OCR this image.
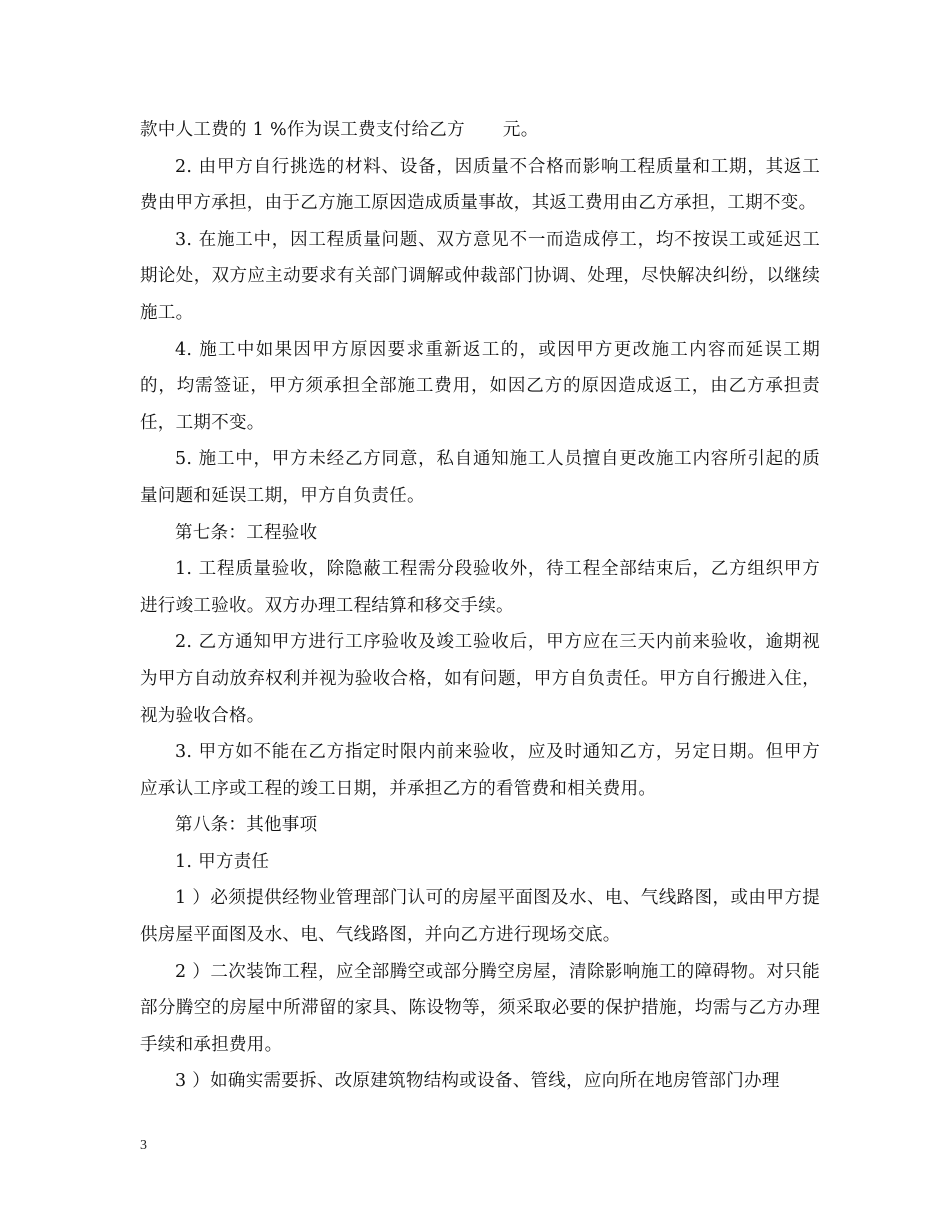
款中人工费的 1 %作为误工费支付给乙方 元。

2. 由甲方自行挑选的材料、设备，因质量不合格而影响工程质量和工期，其返工费由甲方承担，由于乙方施工原因造成质量事故，其返工费用由乙方承担，工期不变。

3. 在施工中，因工程质量问题、双方意见不一而造成停工，均不按误工或延迟工期论处，双方应主动要求有关部门调解或仲裁部门协调、处理，尽快解决纠纷，以继续施工。

4. 施工中如果因甲方原因要求重新返工的，或因甲方更改施工内容而延误工期的，均需签证，甲方须承担全部施工费用，如因乙方的原因造成返工，由乙方承担责任，工期不变。

5. 施工中，甲方未经乙方同意，私自通知施工人员擅自更改施工内容所引起的质量问题和延误工期，甲方自负责任。

第七条：工程验收

1. 工程质量验收，除隐蔽工程需分段验收外，待工程全部结束后，乙方组织甲方进行竣工验收。双方办理工程结算和移交手续。

2. 乙方通知甲方进行工序验收及竣工验收后，甲方应在三天内前来验收，逾期视为甲方自动放弃权利并视为验收合格，如有问题，甲方自负责任。甲方自行搬进入住，视为验收合格。

3. 甲方如不能在乙方指定时限内前来验收，应及时通知乙方，另定日期。但甲方应承认工序或工程的竣工日期，并承担乙方的看管费和相关费用。

第八条：其他事项

1. 甲方责任

1 ）必须提供经物业管理部门认可的房屋平面图及水、电、气线路图，或由甲方提供房屋平面图及水、电、气线路图，并向乙方进行现场交底。

2 ）二次装饰工程，应全部腾空或部分腾空房屋，清除影响施工的障碍物。对只能部分腾空的房屋中所滞留的家具、陈设物等，须采取必要的保护措施，均需与乙方办理手续和承担费用。

3 ）如确实需要拆、改原建筑物结构或设备、管线，应向所在地房管部门办理

3
